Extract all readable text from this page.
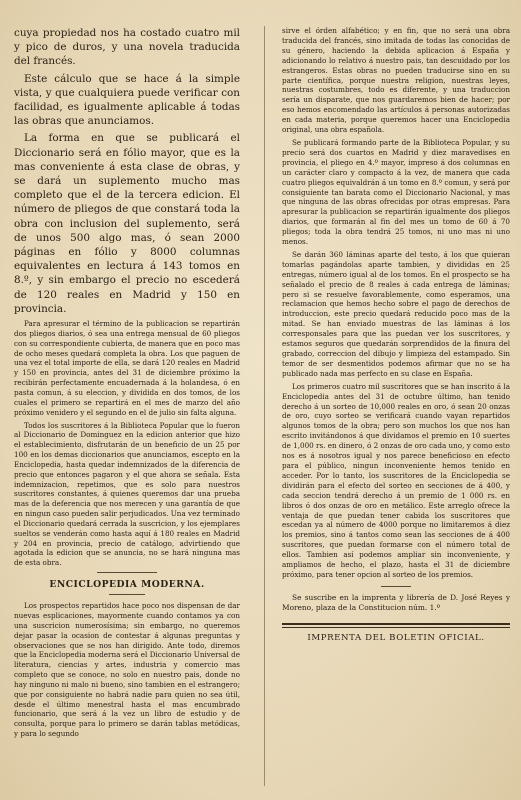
cuya propiedad nos ha costado cuatro mil y pico de duros, y una novela traducida del francés.

Este cálculo que se hace á la simple vista, y que cualquiera puede verificar con facilidad, es igualmente aplicable á todas las obras que anunciamos.

La forma en que se publicará el Diccionario será en fólio mayor, que es la mas conveniente á esta clase de obras, y se dará un suplemento mucho mas completo que el de la tercera edicion. El número de pliegos de que constará toda la obra con inclusion del suplemento, será de unos 500 algo mas, ó sean 2000 páginas en fólio y 8000 columnas equivalentes en lectura á 143 tomos en 8.º, y sin embargo el precio no escederá de 120 reales en Madrid y 150 en provincia.

Para apresurar el término de la publicacion se repartirán dos pliegos diarios, ó sea una entrega mensual de 60 pliegos con su correspondiente cubierta, de manera que en poco mas de ocho meses quedará completa la obra. Los que paguen de una vez el total importe de ella, se dará 120 reales en Madrid y 150 en provincia, antes del 31 de diciembre próximo la recibirán perfectamente encuadernada á la holandesa, ó en pasta comun, á su eleccion, y dividida en dos tomos, de los cuales el primero se repartirá en el mes de marzo del año próximo venidero y el segundo en el de julio sin falta alguna.

Todos los suscritores á la Biblioteca Popular que lo fueron al Diccionario de Dominguez en la edicion anterior que hizo el establecimiento, disfrutarán de un beneficio de un 25 por 100 en los demas diccionarios que anunciamos, escepto en la Enciclopedia, hasta quedar indemnizados de la diferencia de precio que entonces pagaron y el que ahora se señala. Esta indemnizacion, repetimos, que es solo para nuestros suscritores constantes, á quienes queremos dar una prueba mas de la deferencia que nos merecen y una garantía de que en ningun caso pueden salir perjudicados. Una vez terminado el Diccionario quedará cerrada la suscricion, y los ejemplares sueltos se venderán como hasta aquí á 180 reales en Madrid y 204 en provincia, precio de catálogo, advirtiendo que agotada la edicion que se anuncia, no se hará ninguna mas de esta obra.

ENCICLOPEDIA MODERNA.

Los prospectos repartidos hace poco nos dispensan de dar nuevas esplicaciones, mayormente cuando contamos ya con una suscricion numerosísima; sin embargo, no queremos dejar pasar la ocasion de contestar á algunas preguntas y observaciones que se nos han dirigido. Ante todo, diremos que la Enciclopedia moderna será el Diccionario Universal de literatura, ciencias y artes, industria y comercio mas completo que se conoce, no solo en nuestro pais, donde no hay ninguno ni malo ni bueno, sino tambien en el estrangero; que por consiguiente no habrá nadie para quien no sea útil, desde el último menestral hasta el mas encumbrado funcionario, que será á la vez un libro de estudio y de consulta, porque para lo primero se darán tablas metódicas, y para lo segundo

sirve el órden alfabético; y en fin, que no será una obra traducida del francés, sino imitada de todas las conocidas de su género, haciendo la debida aplicacion á España y adicionando lo relativo á nuestro pais, tan descuidado por los estrangeros. Estas obras no pueden traducirse sino en su parte científica, porque nuestra religion, nuestras leyes, nuestras costumbres, todo es diferente, y una traduccion sería un disparate, que nos guardaremos bien de hacer; por eso hemos encomendado las artículos á personas autorizadas en cada materia, porque queremos hacer una Enciclopedia original, una obra española.

Se publicará formando parte de la Biblioteca Popular, y su precio será dos cuartos en Madrid y diez maravedises en provincia, el pliego en 4.º mayor, impreso á dos columnas en un carácter claro y compacto á la vez, de manera que cada cuatro pliegos equivaldrán á un tomo en 8.º comun, y será por consiguiente tan barata como el Diccionario Nacional, y mas que ninguna de las obras ofrecidas por otras empresas. Para apresurar la publicacion se repartirán igualmente dos pliegos diarios, que formarán al fin del mes un tomo de 60 á 70 pliegos; toda la obra tendrá 25 tomos, ni uno mas ni uno menos.

Se darán 360 láminas aparte del testo, á los que quieran tomarlas pagándolas aparte tambien, y divididas en 25 entregas, número igual al de los tomos. En el prospecto se ha señalado el precio de 8 reales á cada entrega de láminas; pero si se resuelve favorablemente, como esperamos, una reclamacion que hemos hecho sobre el pago de derechos de introduccion, este precio quedará reducido poco mas de la mitad. Se han enviado muestras de las láminas á los corresponsales para que las puedan ver los suscritores, y estamos seguros que quedarán sorprendidos de la finura del grabado, correccion del dibujo y limpieza del estampado. Sin temor de ser desmentidos podemos afirmar que no se ha publicado nada mas perfecto en su clase en España.

Los primeros cuatro mil suscritores que se han inscrito á la Enciclopedia antes del 31 de octubre último, han tenido derecho á un sorteo de 10,000 reales en oro, ó sean 20 onzas de oro, cuyo sorteo se verificará cuando vayan repartidos algunos tomos de la obra; pero son muchos los que nos han escrito invitándonos á que dividamos el premio en 10 suertes de 1,000 rs. en dinero, ó 2 onzas de oro cada uno, y como esto nos es á nosotros igual y nos parece beneficioso en efecto para el público, ningun inconveniente hemos tenido en acceder. Por lo tanto, los suscritores de la Enciclopedia se dividirán para el efecto del sorteo en secciones de á 400, y cada seccion tendrá derecho á un premio de 1 000 rs. en libros ó dos onzas de oro en metálico. Este arreglo ofrece la ventaja de que puedan tener cabida los suscritores que escedan ya al número de 4000 porque no limitaremos á diez los premios, sino á tantos como sean las secciones de á 400 suscritores, que puedan formarse con el número total de ellos. Tambien así podemos ampliar sin inconveniente, y ampliamos de hecho, el plazo, hasta el 31 de diciembre próximo, para tener opcion al sorteo de los premios.

Se suscribe en la imprenta y librería de D. José Reyes y Moreno, plaza de la Constitucion núm. 1.º

IMPRENTA DEL BOLETIN OFICIAL.
